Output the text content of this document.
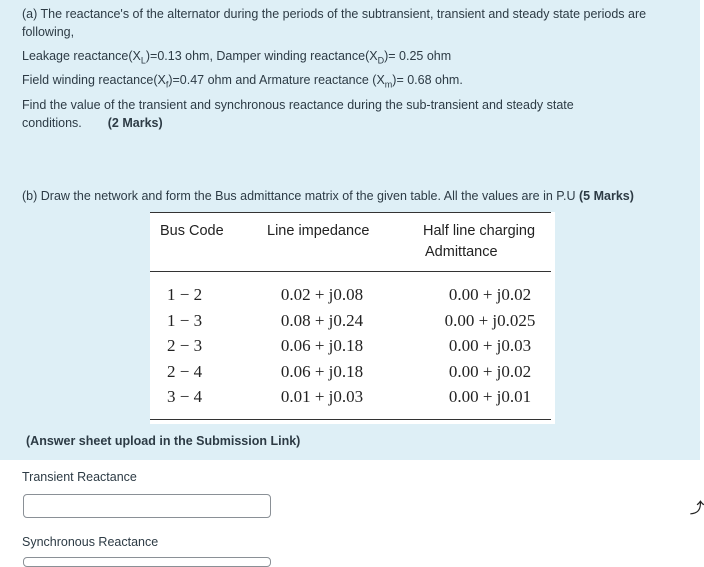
(a) The reactance's of the alternator during the periods of the subtransient, transient and steady state periods are
following,
Leakage $reactance(X_L)=0.13$ ohm, Damper winding $reactance(X_D)= 0.25$ ohm
Field winding $reactance(X_f)=0.47$ ohm and Armature reactance $(X_m)= 0.68$ ohm.
Find the value of the transient and synchronous reactance during the sub-transient and steady state
conditions. (2 Marks)
(b) Draw the network and form the Bus admittance matrix of the given table. All the values are in P.U (5 Marks)
Bus Code	Line impedance	Half line charging
Admittance
1 − 2	0.02 + j0.08	0.00 + j0.02
1 − 3	0.08 + j0.24	0.00 + j0.025
2 − 3	0.06 + j0.18	0.00 + j0.03
2 − 4	0.06 + j0.18	0.00 + j0.02
3 − 4	0.01 + j0.03	0.00 + j0.01
(Answer sheet upload in the Submission Link)
Transient Reactance
Synchronous Reactance
⤴
